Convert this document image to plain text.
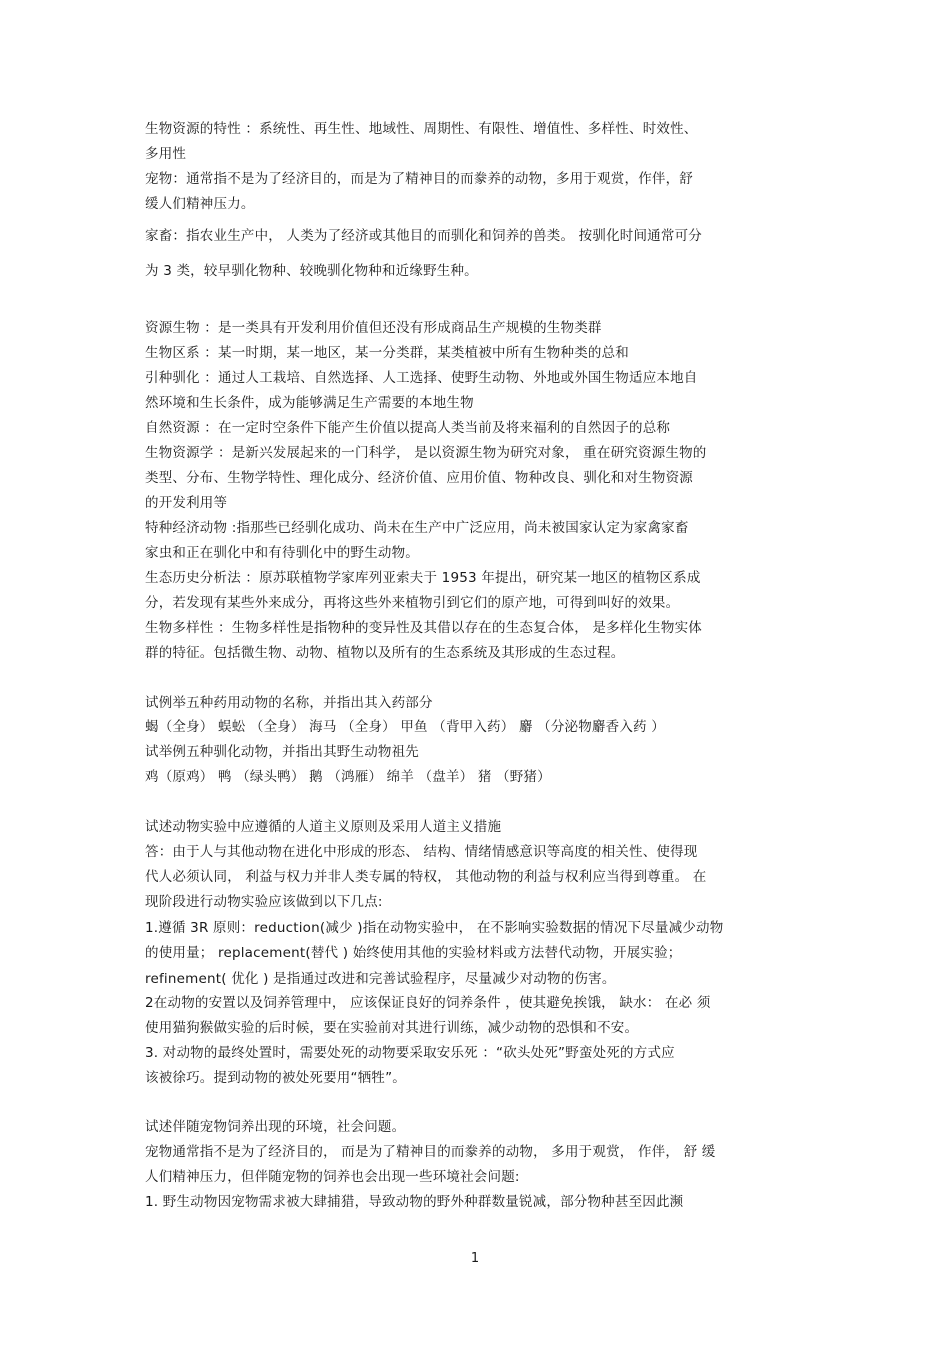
生物资源的特性 ：系统性、再生性、地域性、周期性、有限性、增值性、多样性、时效性、
多用性
宠物：通常指不是为了经济目的，而是为了精神目的而豢养的动物，多用于观赏，作伴，舒
缓人们精神压力。
家畜：指农业生产中， 人类为了经济或其他目的而驯化和饲养的兽类。 按驯化时间通常可分
为 3 类，较早驯化物种、较晚驯化物种和近缘野生种。
资源生物 ：是一类具有开发利用价值但还没有形成商品生产规模的生物类群
生物区系 ：某一时期，某一地区，某一分类群，某类植被中所有生物种类的总和
引种驯化 ：通过人工栽培、自然选择、人工选择、使野生动物、外地或外国生物适应本地自
然环境和生长条件，成为能够满足生产需要的本地生物
自然资源 ：在一定时空条件下能产生价值以提高人类当前及将来福利的自然因子的总称
生物资源学 ：是新兴发展起来的一门科学， 是以资源生物为研究对象， 重在研究资源生物的
类型、分布、生物学特性、理化成分、经济价值、应用价值、物种改良、驯化和对生物资源
的开发利用等
特种经济动物 :指那些已经驯化成功、尚未在生产中广泛应用，尚未被国家认定为家禽家畜
家虫和正在驯化中和有待驯化中的野生动物。
生态历史分析法 ：原苏联植物学家库列亚索夫于 1953 年提出，研究某一地区的植物区系成
分，若发现有某些外来成分，再将这些外来植物引到它们的原产地，可得到叫好的效果。
生物多样性 ：生物多样性是指物种的变异性及其借以存在的生态复合体， 是多样化生物实体
群的特征。包括微生物、动物、植物以及所有的生态系统及其形成的生态过程。
试例举五种药用动物的名称，并指出其入药部分
蝎（全身） 蜈蚣 （全身） 海马 （全身） 甲鱼 （背甲入药） 麝 （分泌物麝香入药 ）
试举例五种驯化动物，并指出其野生动物祖先
鸡（原鸡） 鸭 （绿头鸭） 鹅 （鸿雁） 绵羊 （盘羊） 猪 （野猪）
试述动物实验中应遵循的人道主义原则及采用人道主义措施
答：由于人与其他动物在进化中形成的形态、 结构、情绪情感意识等高度的相关性、使得现
代人必须认同， 利益与权力并非人类专属的特权， 其他动物的利益与权利应当得到尊重。 在
现阶段进行动物实验应该做到以下几点:
1.遵循 3R 原则：reduction(减少 )指在动物实验中， 在不影响实验数据的情况下尽量减少动物
的使用量； replacement(替代 ) 始终使用其他的实验材料或方法替代动物，开展实验；
refinement( 优化 ) 是指通过改进和完善试验程序，尽量减少对动物的伤害。
2在动物的安置以及饲养管理中， 应该保证良好的饲养条件 ，使其避免挨饿， 缺水： 在必 须
使用猫狗猴做实验的后时候，要在实验前对其进行训练，减少动物的恐惧和不安。
3. 对动物的最终处置时，需要处死的动物要采取安乐死 ：“砍头处死”野蛮处死的方式应
该被徐巧。提到动物的被处死要用“牺牲”。
试述伴随宠物饲养出现的环境，社会问题。
宠物通常指不是为了经济目的， 而是为了精神目的而豢养的动物， 多用于观赏， 作伴， 舒 缓
人们精神压力，但伴随宠物的饲养也会出现一些环境社会问题:
1. 野生动物因宠物需求被大肆捕猎，导致动物的野外种群数量锐减，部分物种甚至因此濒
1
